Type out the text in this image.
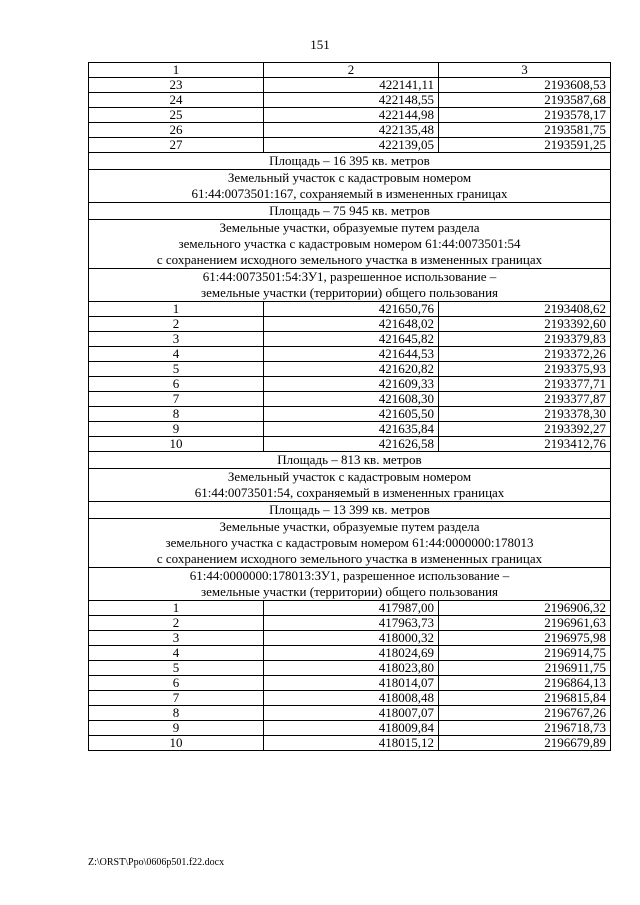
151
1	2	3
23	422141,11	2193608,53
24	422148,55	2193587,68
25	422144,98	2193578,17
26	422135,48	2193581,75
27	422139,05	2193591,25

Площадь – 16 395 кв. метров		

Земельный участок с кадастровым номером
61:44:0073501:167, сохраняемый в измененных границах		

Площадь – 75 945 кв. метров		

Земельные участки, образуемые путем раздела
земельного участка с кадастровым номером 61:44:0073501:54
с сохранением исходного земельного участка в измененных границах		

61:44:0073501:54:ЗУ1, разрешенное использование –
земельные участки (территории) общего пользования		

1	421650,76	2193408,62
2	421648,02	2193392,60
3	421645,82	2193379,83
4	421644,53	2193372,26
5	421620,82	2193375,93
6	421609,33	2193377,71
7	421608,30	2193377,87
8	421605,50	2193378,30
9	421635,84	2193392,27
10	421626,58	2193412,76

Площадь – 813 кв. метров		

Земельный участок с кадастровым номером
61:44:0073501:54, сохраняемый в измененных границах		

Площадь – 13 399 кв. метров		

Земельные участки, образуемые путем раздела
земельного участка с кадастровым номером 61:44:0000000:178013
с сохранением исходного земельного участка в измененных границах		

61:44:0000000:178013:ЗУ1, разрешенное использование –
земельные участки (территории) общего пользования		

1	417987,00	2196906,32
2	417963,73	2196961,63
3	418000,32	2196975,98
4	418024,69	2196914,75
5	418023,80	2196911,75
6	418014,07	2196864,13
7	418008,48	2196815,84
8	418007,07	2196767,26
9	418009,84	2196718,73
10	418015,12	2196679,89
Z:\ORST\Ppo\0606p501.f22.docx
